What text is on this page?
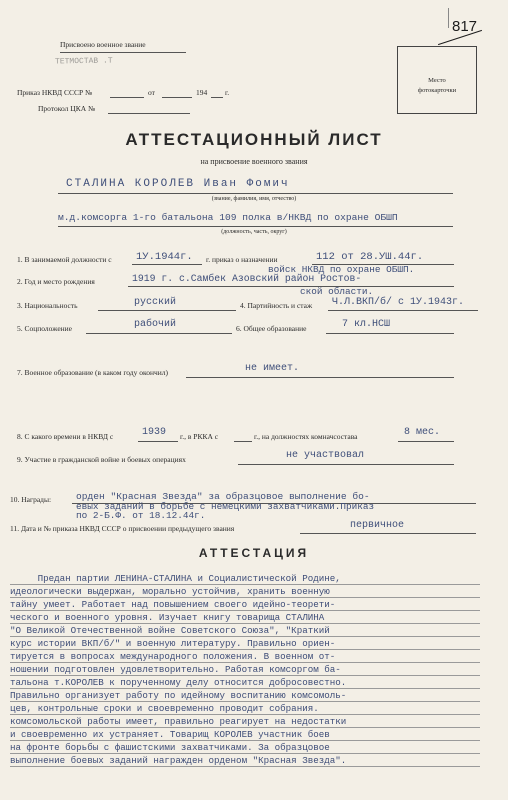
817
Присвоено военное звание
ТЕТМОСТАВ .Т
Приказ НКВД СССР №	от	194 г.
Протокол ЦКА №
Место
фотокарточки
АТТЕСТАЦИОННЫЙ ЛИСТ
на присвоение военного звания
СТАЛИНА КОРОЛЕВ Иван Фомич
(звание, фамилия, имя, отчество)
м.д.комсорга 1-го батальона 109 полка в/НКВД по охране ОБШП
(должность, часть, округ)
1. В занимаемой должности с 1У.1944г. г. приказ о назначении	112 от 28.УШ.44г.
войск НКВД по охране ОБШП.
2. Год и место рождения	1919 г. с.Самбек Азовский район Ростов-
ской области.
3. Национальность	русский	4. Партийность и стаж Ч.Л.ВКП/б/ с 1У.1943г.
5. Соцположение	рабочий	6. Общее образование	7 кл.НСШ
7. Военное образование (в каком году окончил)	не имеет.
8. С какого времени в НКВД с	1939 г., в РККА с	г., на должностях комначсостава	8 мес.
9. Участие в гражданской войне и боевых операциях	не участвовал
10. Награды:	орден "Красная Звезда" за образцовое выполнение бо-
евых заданий в борьбе с немецкими захватчиками.Приказ
по 2-Б.Ф. от 18.12.44г.
11. Дата и № приказа НКВД СССР о присвоении предыдущего звания	первичное
АТТЕСТАЦИЯ
Предан партии ЛЕНИНА-СТАЛИНА и Социалистической Родине,
идеологически выдержан, морально устойчив, хранить военную
тайну умеет. Работает над повышением своего идейно-теорети-
ческого и военного уровня. Изучает книгу товарища СТАЛИНА
"О Великой Отечественной войне Советского Союза", "Краткий
курс истории ВКП/б/" и военную литературу. Правильно ориен-
тируется в вопросах международного положения. В военном от-
ношении подготовлен удовлетворительно. Работая комсоргом ба-
тальона т.КОРОЛЕВ к порученному делу относится добросовестно.
Правильно организует работу по идейному воспитанию комсомоль-
цев, контрольные сроки и своевременно проводит собрания.
комсомольской работы имеет, правильно реагирует на недостатки
и своевременно их устраняет. Товарищ КОРОЛЕВ участник боев
на фронте борьбы с фашистскими захватчиками. За образцовое
выполнение боевых заданий награжден орденом "Красная Звезда".
